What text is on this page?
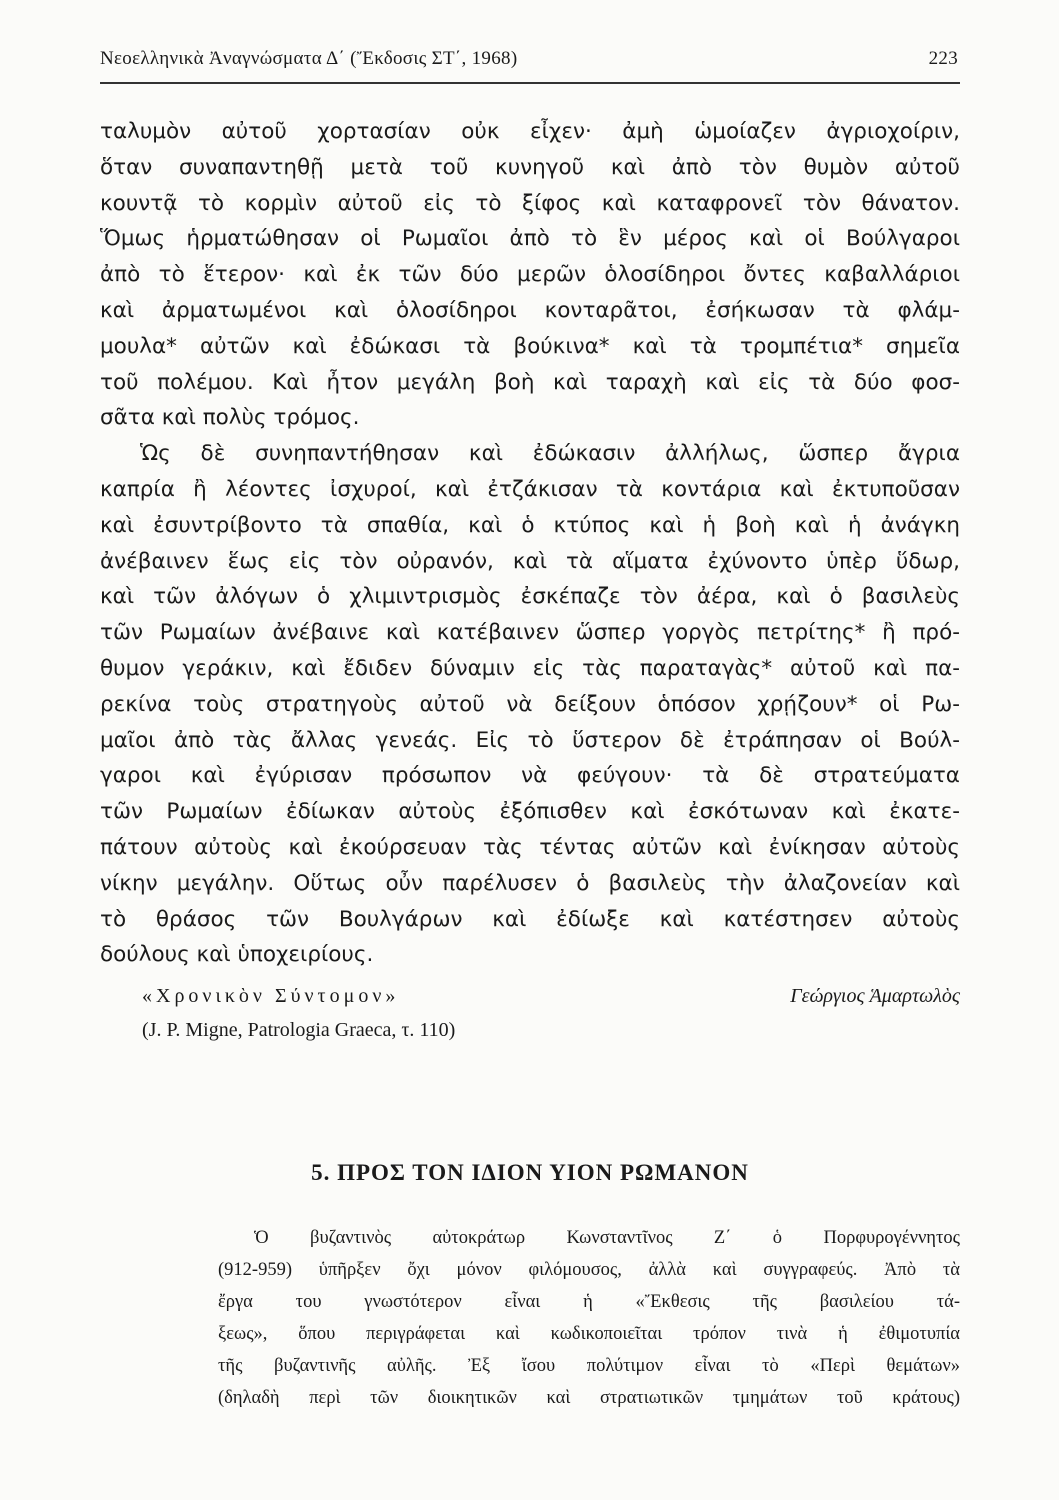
Νεοελληνικὰ Ἀναγνώσματα Δ΄ (Ἔκδοσις ΣΤ΄, 1968)	223
ταλυμὸν αὐτοῦ χορτασίαν οὐκ εἶχεν· ἀμὴ ὡμοίαζεν ἀγριοχοίριν,
ὅταν συναπαντηθῇ μετὰ τοῦ κυνηγοῦ καὶ ἀπὸ τὸν θυμὸν αὐτοῦ
κουντᾷ τὸ κορμὶν αὐτοῦ εἰς τὸ ξίφος καὶ καταφρονεῖ τὸν θάνατον.
Ὅμως ἡρματώθησαν οἱ Ρωμαῖοι ἀπὸ τὸ ἓν μέρος καὶ οἱ Βούλγαροι
ἀπὸ τὸ ἕτερον· καὶ ἐκ τῶν δύο μερῶν ὁλοσίδηροι ὄντες καβαλλάριοι
καὶ ἀρματωμένοι καὶ ὁλοσίδηροι κονταρᾶτοι, ἐσήκωσαν τὰ φλάμ-
μουλα* αὐτῶν καὶ ἐδώκασι τὰ βούκινα* καὶ τὰ τρομπέτια* σημεῖα
τοῦ πολέμου. Καὶ ἦτον μεγάλη βοὴ καὶ ταραχὴ καὶ εἰς τὰ δύο φοσ-
σᾶτα καὶ πολὺς τρόμος.
Ὡς δὲ συνηπαντήθησαν καὶ ἐδώκασιν ἀλλήλως, ὥσπερ ἄγρια
καπρία ἢ λέοντες ἰσχυροί, καὶ ἐτζάκισαν τὰ κοντάρια καὶ ἐκτυποῦσαν
καὶ ἐσυντρίβοντο τὰ σπαθία, καὶ ὁ κτύπος καὶ ἡ βοὴ καὶ ἡ ἀνάγκη
ἀνέβαινεν ἕως εἰς τὸν οὐρανόν, καὶ τὰ αἵματα ἐχύνοντο ὑπὲρ ὕδωρ,
καὶ τῶν ἀλόγων ὁ χλιμιντρισμὸς ἐσκέπαζε τὸν ἀέρα, καὶ ὁ βασιλεὺς
τῶν Ρωμαίων ἀνέβαινε καὶ κατέβαινεν ὥσπερ γοργὸς πετρίτης* ἢ πρό-
θυμον γεράκιν, καὶ ἔδιδεν δύναμιν εἰς τὰς παραταγὰς* αὐτοῦ καὶ πα-
ρεκίνα τοὺς στρατηγοὺς αὐτοῦ νὰ δείξουν ὁπόσον χρῄζουν* οἱ Ρω-
μαῖοι ἀπὸ τὰς ἄλλας γενεάς. Εἰς τὸ ὕστερον δὲ ἐτράπησαν οἱ Βούλ-
γαροι καὶ ἐγύρισαν πρόσωπον νὰ φεύγουν· τὰ δὲ στρατεύματα
τῶν Ρωμαίων ἐδίωκαν αὐτοὺς ἐξόπισθεν καὶ ἐσκότωναν καὶ ἐκατε-
πάτουν αὐτοὺς καὶ ἐκούρσευαν τὰς τέντας αὐτῶν καὶ ἐνίκησαν αὐτοὺς
νίκην μεγάλην. Οὕτως οὖν παρέλυσεν ὁ βασιλεὺς τὴν ἀλαζονείαν καὶ
τὸ θράσος τῶν Βουλγάρων καὶ ἐδίωξε καὶ κατέστησεν αὐτοὺς
δούλους καὶ ὑποχειρίους.
«Χρονικὸν Σύντομον»	Γεώργιος Ἁμαρτωλὸς
(J. P. Migne, Patrologia Graeca, τ. 110)
5. ΠΡΟΣ ΤΟΝ ΙΔΙΟΝ ΥΙΟΝ ΡΩΜΑΝΟΝ
Ὁ βυζαντινὸς αὐτοκράτωρ Κωνσταντῖνος Ζ΄ ὁ Πορφυρογέννητος
(912-959) ὑπῆρξεν ὄχι μόνον φιλόμουσος, ἀλλὰ καὶ συγγραφεύς. Ἀπὸ τὰ
ἔργα του γνωστότερον εἶναι ἡ «Ἔκθεσις τῆς βασιλείου τά-
ξεως», ὅπου περιγράφεται καὶ κωδικοποιεῖται τρόπον τινὰ ἡ ἐθιμοτυπία
τῆς βυζαντινῆς αὐλῆς. Ἐξ ἴσου πολύτιμον εἶναι τὸ «Περὶ θεμάτων»
(δηλαδὴ περὶ τῶν διοικητικῶν καὶ στρατιωτικῶν τμημάτων τοῦ κράτους)
